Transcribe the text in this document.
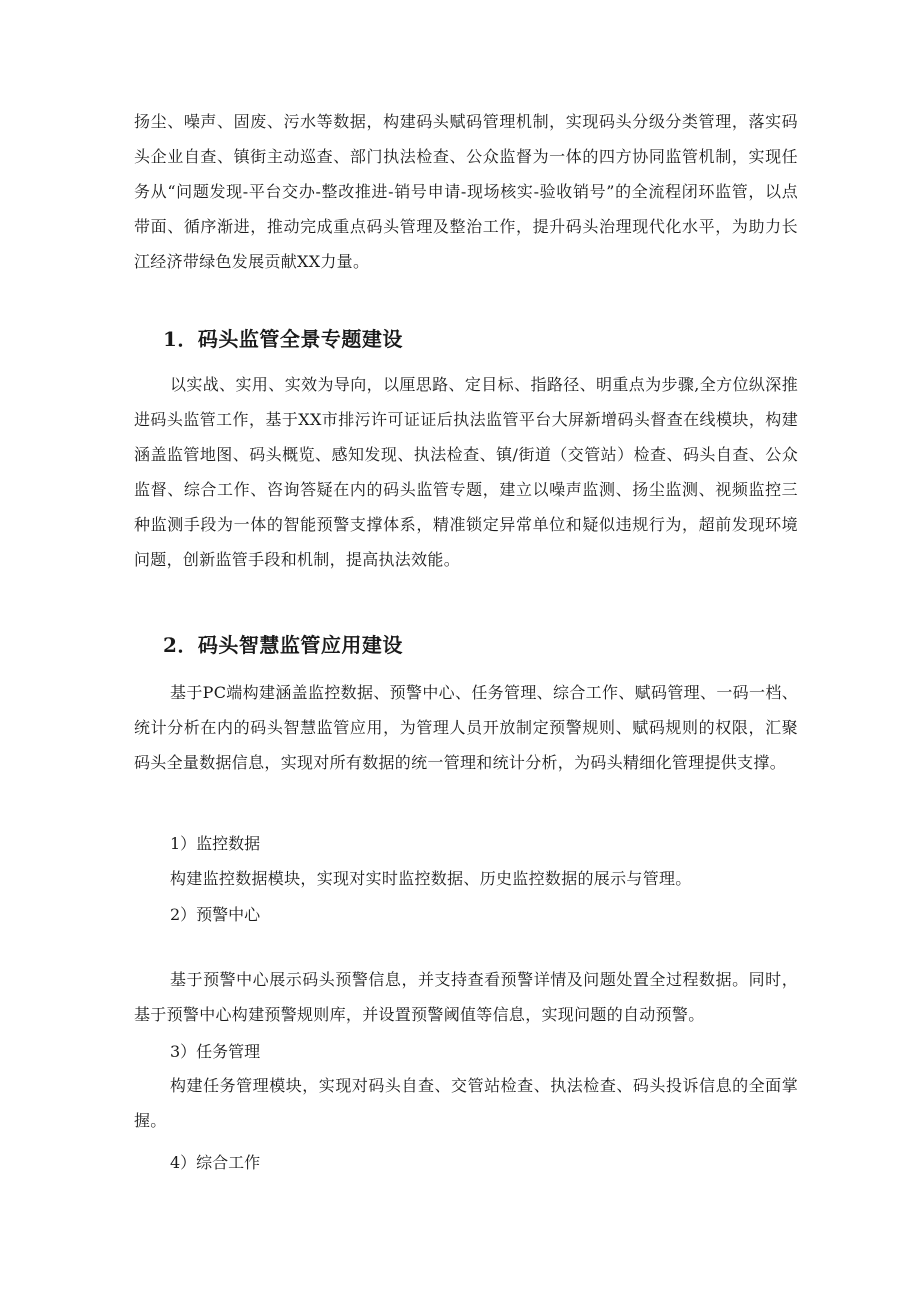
扬尘、噪声、固废、污水等数据，构建码头赋码管理机制，实现码头分级分类管理，落实码头企业自查、镇街主动巡查、部门执法检查、公众监督为一体的四方协同监管机制，实现任务从“问题发现-平台交办-整改推进-销号申请-现场核实-验收销号”的全流程闭环监管，以点带面、循序渐进，推动完成重点码头管理及整治工作，提升码头治理现代化水平，为助力长江经济带绿色发展贡献XX力量。

1．码头监管全景专题建设

以实战、实用、实效为导向，以厘思路、定目标、指路径、明重点为步骤,全方位纵深推进码头监管工作，基于XX市排污许可证证后执法监管平台大屏新增码头督查在线模块，构建涵盖监管地图、码头概览、感知发现、执法检查、镇/街道（交管站）检查、码头自查、公众监督、综合工作、咨询答疑在内的码头监管专题，建立以噪声监测、扬尘监测、视频监控三种监测手段为一体的智能预警支撑体系，精准锁定异常单位和疑似违规行为，超前发现环境问题，创新监管手段和机制，提高执法效能。

2．码头智慧监管应用建设

基于PC端构建涵盖监控数据、预警中心、任务管理、综合工作、赋码管理、一码一档、统计分析在内的码头智慧监管应用，为管理人员开放制定预警规则、赋码规则的权限，汇聚码头全量数据信息，实现对所有数据的统一管理和统计分析，为码头精细化管理提供支撑。

1）监控数据

构建监控数据模块，实现对实时监控数据、历史监控数据的展示与管理。

2）预警中心

基于预警中心展示码头预警信息，并支持查看预警详情及问题处置全过程数据。同时，基于预警中心构建预警规则库，并设置预警阈值等信息，实现问题的自动预警。

3）任务管理

构建任务管理模块，实现对码头自查、交管站检查、执法检查、码头投诉信息的全面掌握。

4）综合工作
